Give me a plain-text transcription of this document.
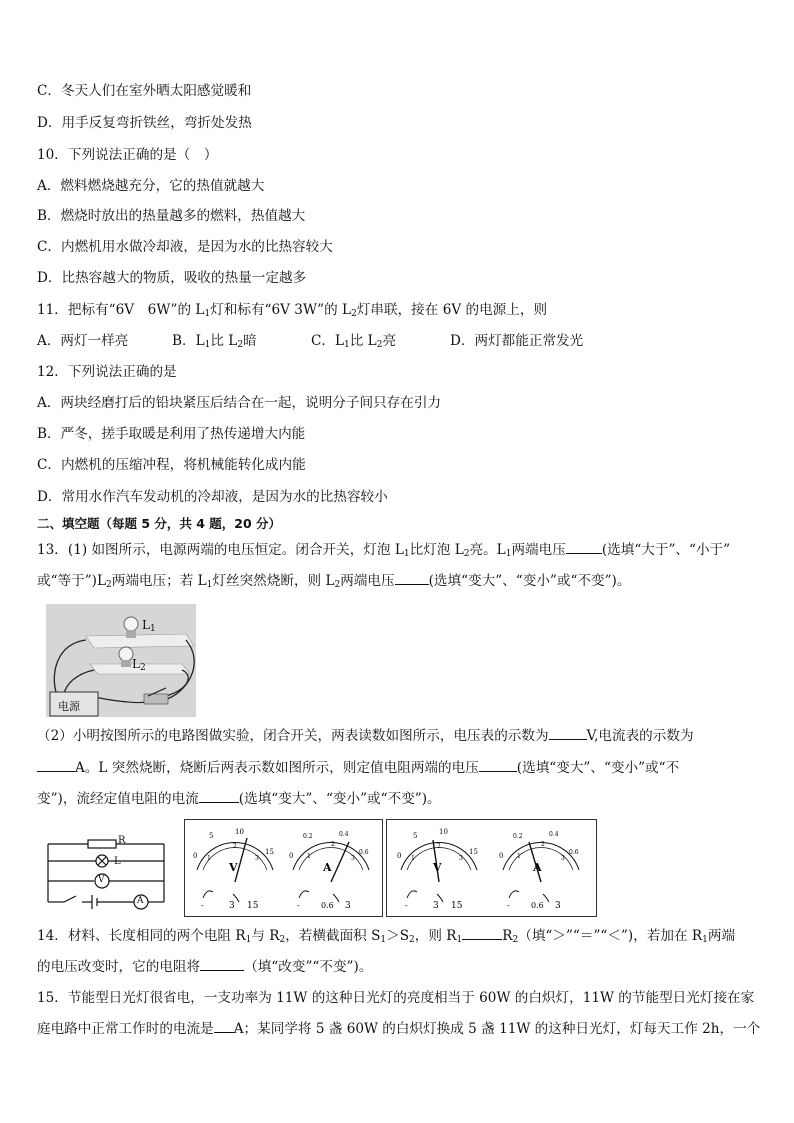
C．冬天人们在室外晒太阳感觉暖和
D．用手反复弯折铁丝，弯折处发热
10．下列说法正确的是（　）
A．燃料燃烧越充分，它的热值就越大
B．燃烧时放出的热量越多的燃料，热值越大
C．内燃机用水做冷却液，是因为水的比热容较大
D．比热容越大的物质，吸收的热量一定越多
11．把标有“6V　6W”的 $L_1$灯和标有“6V 3W”的 $L_2$灯串联，接在 6V 的电源上，则
A．两灯一样亮	B．$L_1$比 $L_2$暗	C．$L_1$比 $L_2$亮	D．两灯都能正常发光
12．下列说法正确的是
A．两块经磨打后的铅块紧压后结合在一起，说明分子间只存在引力
B．严冬，搓手取暖是利用了热传递增大内能
C．内燃机的压缩冲程，将机械能转化成内能
D．常用水作汽车发动机的冷却液，是因为水的比热容较小
二、填空题（每题 5 分，共 4 题，20 分）
13．(1) 如图所示，电源两端的电压恒定。闭合开关，灯泡 $L_1$比灯泡 $L_2$亮。$L_1$两端电压	(选填“大于”、“小于”
或“等于$”)L_2$两端电压；若 $L_1$灯丝突然烧断，则 $L_2$两端电压	(选填“变大”、“变小”或“不变”)。
$L_1$
$L_2$
电源
（2）小明按图所示的电路图做实验，闭合开关，两表读数如图所示，电压表的示数为	V,电流表的示数为
A。L 突然烧断，烧断后两表示数如图所示，则定值电阻两端的电压	(选填“变大”、“变小”或“不
变”)，流经定值电阻的电流	(选填“变大”、“变小”或“不变”)。
R
L
V
A
0
5	10
15
1
2
3
V
-	3 15
0
0.2	0.4
0.6
1
2
3
A
-	0.6 3
0
5	10
15
1
2
3
V
-	3 15
0
0.2	0.4
0.6
1
2
3
A
-	0.6 3
14．材料、长度相同的两个电阻 $R_1$与 $R_2$，若横截面积 $S_1>S_2$，则 $R_1$	$R_2$（填“＞”“＝”“＜”)，若加在 $R_1$两端
的电压改变时，它的电阻将	（填“改变”“不变”)。
15．节能型日光灯很省电，一支功率为 11W 的这种日光灯的亮度相当于 60W 的白炽灯，11W 的节能型日光灯接在家
庭电路中正常工作时的电流是 A；某同学将 5 盏 60W 的白炽灯换成 5 盏 11W 的这种日光灯，灯每天工作 2h，一个
